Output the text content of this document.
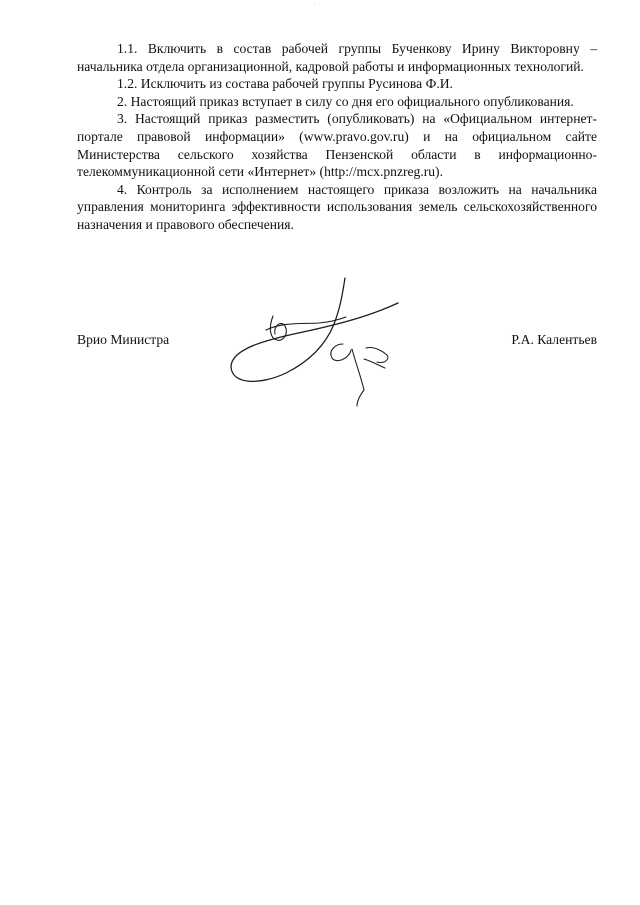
1.1. Включить в состав рабочей группы Бученкову Ирину Викторовну – начальника отдела организационной, кадровой работы и информационных технологий.

1.2. Исключить из состава рабочей группы Русинова Ф.И.

2. Настоящий приказ вступает в силу со дня его официального опубликования.

3. Настоящий приказ разместить (опубликовать) на «Официальном интернет-портале правовой информации» (www.pravo.gov.ru) и на официальном сайте Министерства сельского хозяйства Пензенской области в информационно-телекоммуникационной сети «Интернет» (http://mcx.pnzreg.ru).

4. Контроль за исполнением настоящего приказа возложить на начальника управления мониторинга эффективности использования земель сельскохозяйственного назначения и правового обеспечения.

Врио Министра	Р.А. Калентьев
